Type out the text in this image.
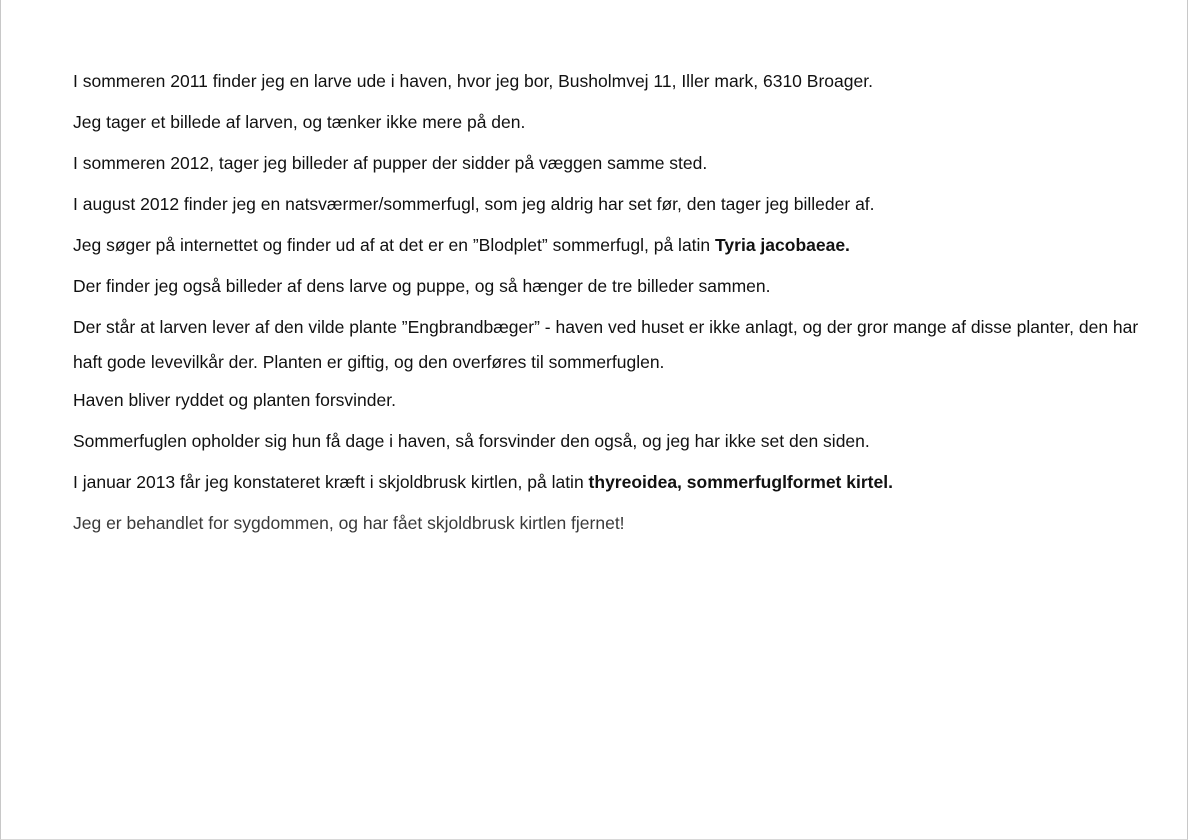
I sommeren 2011 finder jeg en larve ude i haven, hvor jeg bor, Busholmvej 11, Iller mark, 6310 Broager.

Jeg tager et billede af larven, og tænker ikke mere på den.

I sommeren 2012, tager jeg billeder af pupper der sidder på væggen samme sted.

I august 2012 finder jeg en natsværmer/sommerfugl, som jeg aldrig har set før, den tager jeg billeder af.

Jeg søger på internettet og finder ud af at det er en ”Blodplet” sommerfugl, på latin Tyria jacobaeae.

Der finder jeg også billeder af dens larve og puppe, og så hænger de tre billeder sammen.

Der står at larven lever af den vilde plante ”Engbrandbæger” - haven ved huset er ikke anlagt, og der gror mange af disse planter, den har haft gode levevilkår der. Planten er giftig, og den overføres til sommerfuglen.

Haven bliver ryddet og planten forsvinder.

Sommerfuglen opholder sig hun få dage i haven, så forsvinder den også, og jeg har ikke set den siden.

I januar 2013 får jeg konstateret kræft i skjoldbrusk kirtlen, på latin thyreoidea, sommerfuglformet kirtel.

Jeg er behandlet for sygdommen, og har fået skjoldbrusk kirtlen fjernet!
